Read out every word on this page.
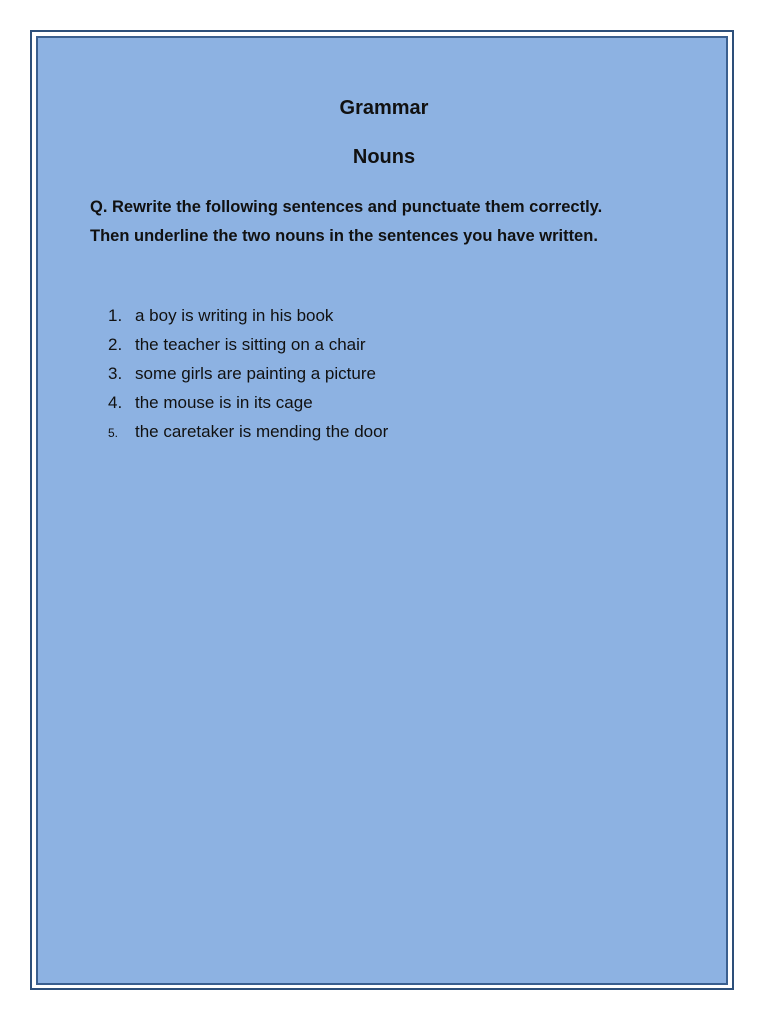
Grammar
Nouns

Q. Rewrite the following sentences and punctuate them correctly.

Then underline the two nouns in the sentences you have written.

1. a boy is writing in his book
2. the teacher is sitting on a chair
3. some girls are painting a picture
4. the mouse is in its cage
5. the caretaker is mending the door
